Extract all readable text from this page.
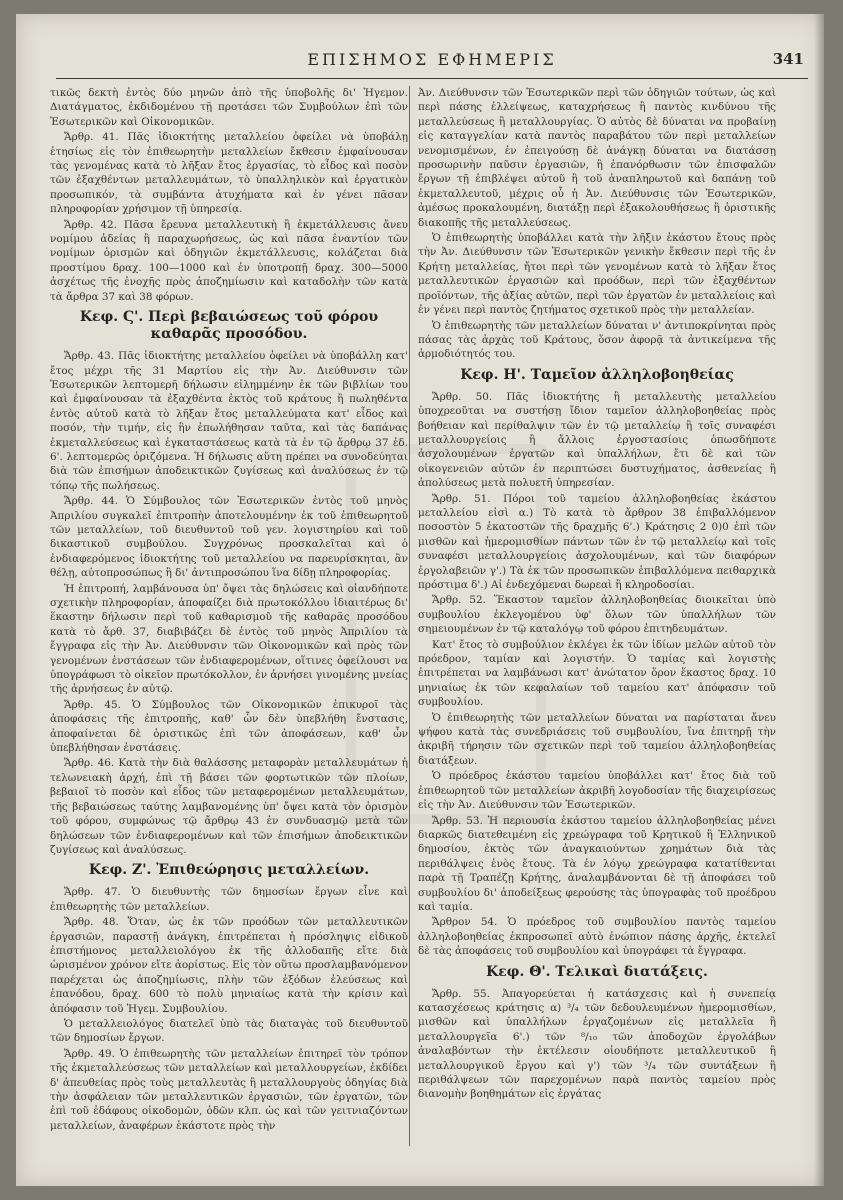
ΕΠΙΣΗΜΟΣ ΕΦΗΜΕΡΙΣ	341

τικῶς δεκτὴ ἐντὸς δύο μηνῶν ἀπὸ τῆς ὑποβολῆς δι' Ἡγεμον. Διατάγματος, ἐκδιδομένου τῇ προτάσει τῶν Συμβούλων ἐπὶ τῶν Ἐσωτερικῶν καὶ Οἰκονομικῶν.

Ἄρθρ. 41. Πᾶς ἰδιοκτήτης μεταλλείου ὀφείλει νὰ ὑποβάλῃ ἐτησίως εἰς τὸν ἐπιθεωρητὴν μεταλλείων ἔκθεσιν ἐμφαίνουσαν τὰς γενομένας κατὰ τὸ λῆξαν ἔτος ἐργασίας, τὸ εἶδος καὶ ποσὸν τῶν ἐξαχθέντων μεταλλευμάτων, τὸ ὑπαλληλικὸν καὶ ἐργατικὸν προσωπικόν, τὰ συμβάντα ἀτυχήματα καὶ ἐν γένει πᾶσαν πληροφορίαν χρήσιμον τῇ ὑπηρεσίᾳ.

Ἄρθρ. 42. Πᾶσα ἔρευνα μεταλλευτικὴ ἢ ἐκμετάλλευσις ἄνευ νομίμου ἀδείας ἢ παραχωρήσεως, ὡς καὶ πᾶσα ἐναντίον τῶν νομίμων ὁρισμῶν καὶ ὁδηγιῶν ἐκμετάλλευσις, κολάζεται διὰ προστίμου δραχ. 100—1000 καὶ ἐν ὑποτροπῇ δραχ. 300—5000 ἀσχέτως τῆς ἐνοχῆς πρὸς ἀποζημίωσιν καὶ καταδολὴν τῶν κατὰ τὰ ἄρθρα 37 καὶ 38 φόρων.

Κεφ. Ϛ'. Περὶ βεβαιώσεως τοῦ φόρου
καθαρᾶς προσόδου.

Ἄρθρ. 43. Πᾶς ἰδιοκτήτης μεταλλείου ὀφείλει νὰ ὑποβάλλῃ κατ' ἔτος μέχρι τῆς 31 Μαρτίου εἰς τὴν Ἀν. Διεύθυνσιν τῶν Ἐσωτερικῶν λεπτομερῆ δήλωσιν εἰλημμένην ἐκ τῶν βιβλίων του καὶ ἐμφαίνουσαν τὰ ἐξαχθέντα ἐκτὸς τοῦ κράτους ἢ πωληθέντα ἐντὸς αὐτοῦ κατὰ τὸ λῆξαν ἔτος μεταλλεύματα κατ' εἶδος καὶ ποσόν, τὴν τιμήν, εἰς ἣν ἐπωλήθησαν ταῦτα, καὶ τὰς δαπάνας ἐκμεταλλεύσεως καὶ ἐγκαταστάσεως κατὰ τὰ ἐν τῷ ἄρθρῳ 37 ἐδ. 6'. λεπτομερῶς ὁριζόμενα. Ἡ δήλωσις αὕτη πρέπει να συνοδεύηται διὰ τῶν ἐπισήμων ἀποδεικτικῶν ζυγίσεως καὶ ἀναλύσεως ἐν τῷ τόπῳ τῆς πωλήσεως.

Ἄρθρ. 44. Ὁ Σύμβουλος τῶν Ἐσωτερικῶν ἐντὸς τοῦ μηνὸς Ἀπριλίου συγκαλεῖ ἐπιτροπὴν ἀποτελουμένην ἐκ τοῦ ἐπιθεωρητοῦ τῶν μεταλλείων, τοῦ διευθυντοῦ τοῦ γεν. λογιστηρίου καὶ τοῦ δικαστικοῦ συμβούλου. Συγχρόνως προσκαλεῖται καὶ ὁ ἐνδιαφερόμενος ἰδιοκτήτης τοῦ μεταλλείου να παρευρίσκηται, ἂν θέλῃ, αὐτοπροσώπως ἢ δι' ἀντιπροσώπου ἵνα δίδῃ πληροφορίας.

Ἡ ἐπιτροπή, λαμβάνουσα ὑπ' ὄψει τὰς δηλώσεις καὶ οἱανδήποτε σχετικὴν πληροφορίαν, ἀποφαίζει διὰ πρωτοκόλλου ἰδιαιτέρως δι' ἕκαστην δήλωσιν περὶ τοῦ καθαρισμοῦ τῆς καθαρᾶς προσόδου κατὰ τὸ ἄρθ. 37, διαβιβάζει δὲ ἐντὸς τοῦ μηνὸς Ἀπριλίου τὰ ἔγγραφα εἰς τὴν Ἀν. Διεύθυνσιν τῶν Οἰκονομικῶν καὶ πρὸς τῶν γενομένων ἐνστάσεων τῶν ἐνδιαφερομένων, οἵτινες ὀφείλουσι να ὑπογράφωσι τὸ οἰκεῖον πρωτόκολλον, ἐν ἀρνήσει γινομένης μνείας τῆς ἀρνήσεως ἐν αὐτῷ.

Ἄρθρ. 45. Ὁ Σύμβουλος τῶν Οἰκονομικῶν ἐπικυροῖ τὰς ἀποφάσεις τῆς ἐπιτροπῆς, καθ' ὧν δὲν ὑπεβλήθη ἔνστασις, ἀποφαίνεται δὲ ὁριστικῶς ἐπὶ τῶν ἀποφάσεων, καθ' ὧν ὑπεβλήθησαν ἐνστάσεις.

Ἄρθρ. 46. Κατὰ τὴν διὰ θαλάσσης μεταφορὰν μεταλλευμάτων ἡ τελωνειακὴ ἀρχή, ἐπὶ τῇ βάσει τῶν φορτωτικῶν τῶν πλοίων, βεβαιοῖ τὸ ποσὸν καὶ εἶδος τῶν μεταφερομένων μεταλλευμάτων, τῆς βεβαιώσεως ταύτης λαμβανομένης ὑπ' ὄψει κατὰ τὸν ὁρισμὸν τοῦ φόρου, συμφώνως τῷ ἄρθρῳ 43 ἐν συνδυασμῷ μετὰ τῶν δηλώσεων τῶν ἐνδιαφερομένων καὶ τῶν ἐπισήμων ἀποδεικτικῶν ζυγίσεως καὶ ἀναλύσεως.

Κεφ. Ζ'. Ἐπιθεώρησις μεταλλείων.

Ἄρθρ. 47. Ὁ διευθυντὴς τῶν δημοσίων ἔργων εἶνε καὶ ἐπιθεωρητὴς τῶν μεταλλείων.

Ἄρθρ. 48. Ὅταν, ὡς ἐκ τῶν προόδων τῶν μεταλλευτικῶν ἐργασιῶν, παραστῇ ἀνάγκη, ἐπιτρέπεται ἡ πρόσληψις εἰδικοῦ ἐπιστήμονος μεταλλειολόγου ἐκ τῆς ἀλλοδαπῆς εἴτε διὰ ὡρισμένον χρόνον εἴτε ἀορίστως. Εἰς τὸν οὕτω προσλαμβανόμενον παρέχεται ὡς ἀποζημίωσις, πλὴν τῶν ἐξόδων ἐλεύσεως καὶ ἐπανόδου, δραχ. 600 τὸ πολὺ μηνιαίως κατὰ τὴν κρίσιν καὶ ἀπόφασιν τοῦ Ἡγεμ. Συμβουλίου.

Ὁ μεταλλειολόγος διατελεῖ ὑπὸ τὰς διαταγὰς τοῦ διευθυντοῦ τῶν δημοσίων ἔργων.

Ἄρθρ. 49. Ὁ ἐπιθεωρητὴς τῶν μεταλλείων ἐπιτηρεῖ τὸν τρόπον τῆς ἐκμεταλλεύσεως τῶν μεταλλείων καὶ μεταλλουργείων, ἐκδίδει δ' ἀπευθείας πρὸς τοὺς μεταλλευτὰς ἢ μεταλλουργοὺς ὁδηγίας διὰ τὴν ἀσφάλειαν τῶν μεταλλευτικῶν ἐργασιῶν, τῶν ἐργατῶν, τῶν ἐπὶ τοῦ ἐδάφους οἰκοδομῶν, ὁδῶν κλπ. ὡς καὶ τῶν γειτνιαζόντων μεταλλείων, ἀναφέρων ἑκάστοτε πρὸς τὴν

Ἀν. Διεύθυνσιν τῶν Ἐσωτερικῶν περὶ τῶν ὁδηγιῶν τούτων, ὡς καὶ περὶ πάσης ἐλλείψεως, καταχρήσεως ἢ παντὸς κινδύνου τῆς μεταλλεύσεως ἢ μεταλλουργίας. Ὁ αὐτὸς δὲ δύναται να προβαίνῃ εἰς καταγγελίαν κατὰ παντὸς παραβάτου τῶν περὶ μεταλλείων νενομισμένων, ἐν ἐπειγούσῃ δὲ ἀνάγκῃ δύναται να διατάσσῃ προσωρινὴν παῦσιν ἐργασιῶν, ἢ ἐπανόρθωσιν τῶν ἐπισφαλῶν ἔργων τῇ ἐπιβλέψει αὐτοῦ ἢ τοῦ ἀναπληρωτοῦ καὶ δαπάνῃ τοῦ ἐκμεταλλευτοῦ, μέχρις οὗ ἡ Ἀν. Διεύθυνσις τῶν Ἐσωτερικῶν, ἀμέσως προκαλουμένη, διατάξῃ περὶ ἐξακολουθήσεως ἢ ὁριστικῆς διακοπῆς τῆς μεταλλεύσεως.

Ὁ ἐπιθεωρητὴς ὑποβάλλει κατὰ τὴν λῆξιν ἑκάστου ἔτους πρὸς τὴν Ἀν. Διεύθυνσιν τῶν Ἐσωτερικῶν γενικὴν ἔκθεσιν περὶ τῆς ἐν Κρήτῃ μεταλλείας, ἤτοι περὶ τῶν γενομένων κατὰ τὸ λῆξαν ἔτος μεταλλευτικῶν ἐργασιῶν καὶ προόδων, περὶ τῶν ἐξαχθέντων προϊόντων, τῆς ἀξίας αὐτῶν, περὶ τῶν ἐργατῶν ἐν μεταλλείοις καὶ ἐν γένει περὶ παντὸς ζητήματος σχετικοῦ πρὸς τὴν μεταλλείαν.

Ὁ ἐπιθεωρητὴς τῶν μεταλλείων δύναται ν' ἀντιποκρίνηται πρὸς πάσας τὰς ἀρχὰς τοῦ Κράτους, ὅσον ἀφορᾷ τὰ ἀντικείμενα τῆς ἁρμοδιότητός του.

Κεφ. Η'. Ταμεῖον ἀλληλοβοηθείας

Ἄρθρ. 50. Πᾶς ἰδιοκτήτης ἢ μεταλλευτὴς μεταλλείου ὑποχρεοῦται να συστήσῃ ἴδιον ταμεῖον ἀλληλοβοηθείας πρὸς βοήθειαν καὶ περίθαλψιν τῶν ἐν τῷ μεταλλείῳ ἢ τοῖς συναφέσι μεταλλουργείοις ἢ ἄλλοις ἐργοστασίοις ὁπωσδήποτε ἀσχολουμένων ἐργατῶν καὶ ὑπαλλήλων, ἔτι δὲ καὶ τῶν οἰκογενειῶν αὐτῶν ἐν περιπτώσει δυστυχήματος, ἀσθενείας ἢ ἀπολύσεως μετὰ πολυετῆ ὑπηρεσίαν.

Ἄρθρ. 51. Πόροι τοῦ ταμείου ἀλληλοβοηθείας ἑκάστου μεταλλείου εἰσὶ α.) Τὸ κατὰ τὸ ἄρθρον 38 ἐπιβαλλόμενον ποσοστὸν 5 ἑκατοστῶν τῆς δραχμῆς 6'.) Κράτησις 2 0)0 ἐπὶ τῶν μισθῶν καὶ ἡμερομισθίων πάντων τῶν ἐν τῷ μεταλλείῳ καὶ τοῖς συναφέσι μεταλλουργείοις ἀσχολουμένων, καὶ τῶν διαφόρων ἐργολαβειῶν γ'.) Τὰ ἐκ τῶν προσωπικῶν ἐπιβαλλόμενα πειθαρχικὰ πρόστιμα δ'.) Αἱ ἐνδεχόμεναι δωρεαὶ ἢ κληροδοσίαι.

Ἄρθρ. 52. Ἕκαστον ταμεῖον ἀλληλοβοηθείας διοικεῖται ὑπὸ συμβουλίου ἐκλεγομένου ὑφ' ὅλων τῶν ὑπαλλήλων τῶν σημειουμένων ἐν τῷ καταλόγῳ τοῦ φόρου ἐπιτηδευμάτων.

Κατ' ἔτος τὸ συμβούλιον ἐκλέγει ἐκ τῶν ἰδίων μελῶν αὐτοῦ τὸν πρόεδρον, ταμίαν καὶ λογιστήν. Ὁ ταμίας καὶ λογιστὴς ἐπιτρέπεται να λαμβάνωσι κατ' ἀνώτατον ὅρον ἕκαστος δραχ. 10 μηνιαίως ἐκ τῶν κεφαλαίων τοῦ ταμείου κατ' ἀπόφασιν τοῦ συμβουλίου.

Ὁ ἐπιθεωρητὴς τῶν μεταλλείων δύναται να παρίσταται ἄνευ ψήφου κατὰ τὰς συνεδριάσεις τοῦ συμβουλίου, ἵνα ἐπιτηρῇ τὴν ἀκριβῆ τήρησιν τῶν σχετικῶν περὶ τοῦ ταμείου ἀλληλοβοηθείας διατάξεων.

Ὁ πρόεδρος ἑκάστου ταμείου ὑποβάλλει κατ' ἔτος διὰ τοῦ ἐπιθεωρητοῦ τῶν μεταλλείων ἀκριβῆ λογοδοσίαν τῆς διαχειρίσεως εἰς τὴν Ἀν. Διεύθυνσιν τῶν Ἐσωτερικῶν.

Ἄρθρ. 53. Ἡ περιουσία ἑκάστου ταμείου ἀλληλοβοηθείας μένει διαρκῶς διατεθειμένη εἰς χρεώγραφα τοῦ Κρητικοῦ ἢ Ἑλληνικοῦ δημοσίου, ἐκτὸς τῶν ἀναγκαιούντων χρημάτων διὰ τὰς περιθάλψεις ἑνὸς ἔτους. Τὰ ἐν λόγῳ χρεώγραφα κατατίθενται παρὰ τῇ Τραπέζῃ Κρήτης, ἀναλαμβάνονται δὲ τῇ ἀποφάσει τοῦ συμβουλίου δι' ἀποδείξεως φερούσης τὰς ὑπογραφὰς τοῦ προέδρου καὶ ταμία.

Ἄρθρον 54. Ὁ πρόεδρος τοῦ συμβουλίου παντὸς ταμείου ἀλληλοβοηθείας ἐκπροσωπεῖ αὐτὸ ἐνώπιον πάσης ἀρχῆς, ἐκτελεῖ δὲ τὰς ἀποφάσεις τοῦ συμβουλίου καὶ ὑπογράφει τὰ ἔγγραφα.

Κεφ. Θ'. Τελικαὶ διατάξεις.

Ἄρθρ. 55. Ἀπαγορεύεται ἡ κατάσχεσις καὶ ἡ συνεπείᾳ κατασχέσεως κράτησις α) ³/₄ τῶν δεδουλευμένων ἡμερομισθίων, μισθῶν καὶ ὑπαλλήλων ἐργαζομένων εἰς μεταλλεῖα ἢ μεταλλουργεῖα 6'.) τῶν ⁸/₁₀ τῶν ἀποδοχῶν ἐργολάβων ἀναλαβόντων τὴν ἐκτέλεσιν οἱουδήποτε μεταλλευτικοῦ ἢ μεταλλουργικοῦ ἔργου καὶ γ') τῶν ³/₄ τῶν συντάξεων ἢ περιθάλψεων τῶν παρεχομένων παρὰ παντὸς ταμείου πρὸς διανομὴν βοηθημάτων εἰς ἐργάτας
